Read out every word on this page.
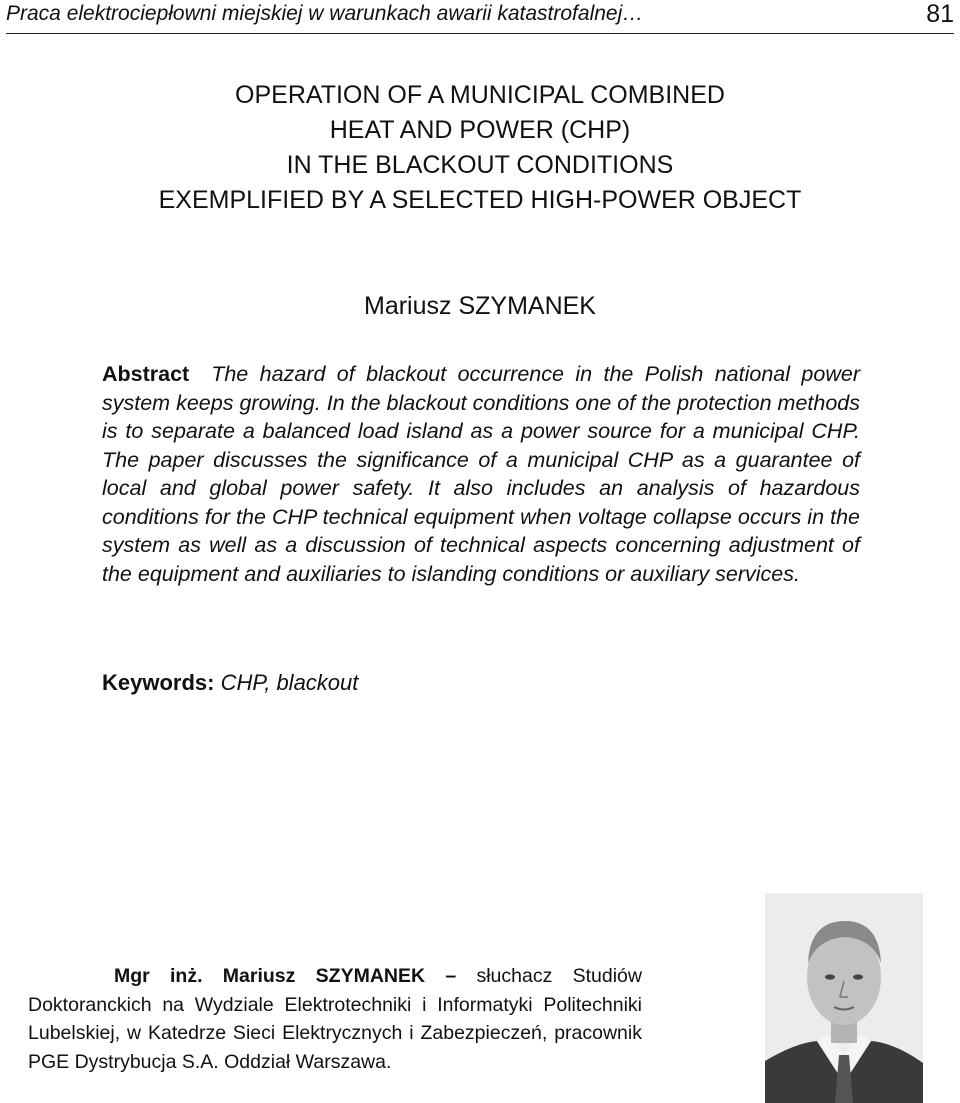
Praca elektrociepłowni miejskiej w warunkach awarii katastrofalnej…	81
OPERATION OF A MUNICIPAL COMBINED
HEAT AND POWER (CHP)
IN THE BLACKOUT CONDITIONS
EXEMPLIFIED BY A SELECTED HIGH-POWER OBJECT
Mariusz SZYMANEK
Abstract The hazard of blackout occurrence in the Polish national power system keeps growing. In the blackout conditions one of the protection methods is to separate a balanced load island as a power source for a municipal CHP. The paper discusses the significance of a municipal CHP as a guarantee of local and global power safety. It also includes an analysis of hazardous conditions for the CHP technical equipment when voltage collapse occurs in the system as well as a discussion of technical aspects concerning adjustment of the equipment and auxiliaries to islanding conditions or auxiliary services.
Keywords: CHP, blackout
Mgr inż. Mariusz SZYMANEK – słuchacz Studiów
Doktoranckich na Wydziale Elektrotechniki i Informatyki Politechniki Lubelskiej, w Katedrze Sieci Elektrycznych i Zabezpieczeń, pracownik PGE Dystrybucja S.A. Oddział Warszawa.
